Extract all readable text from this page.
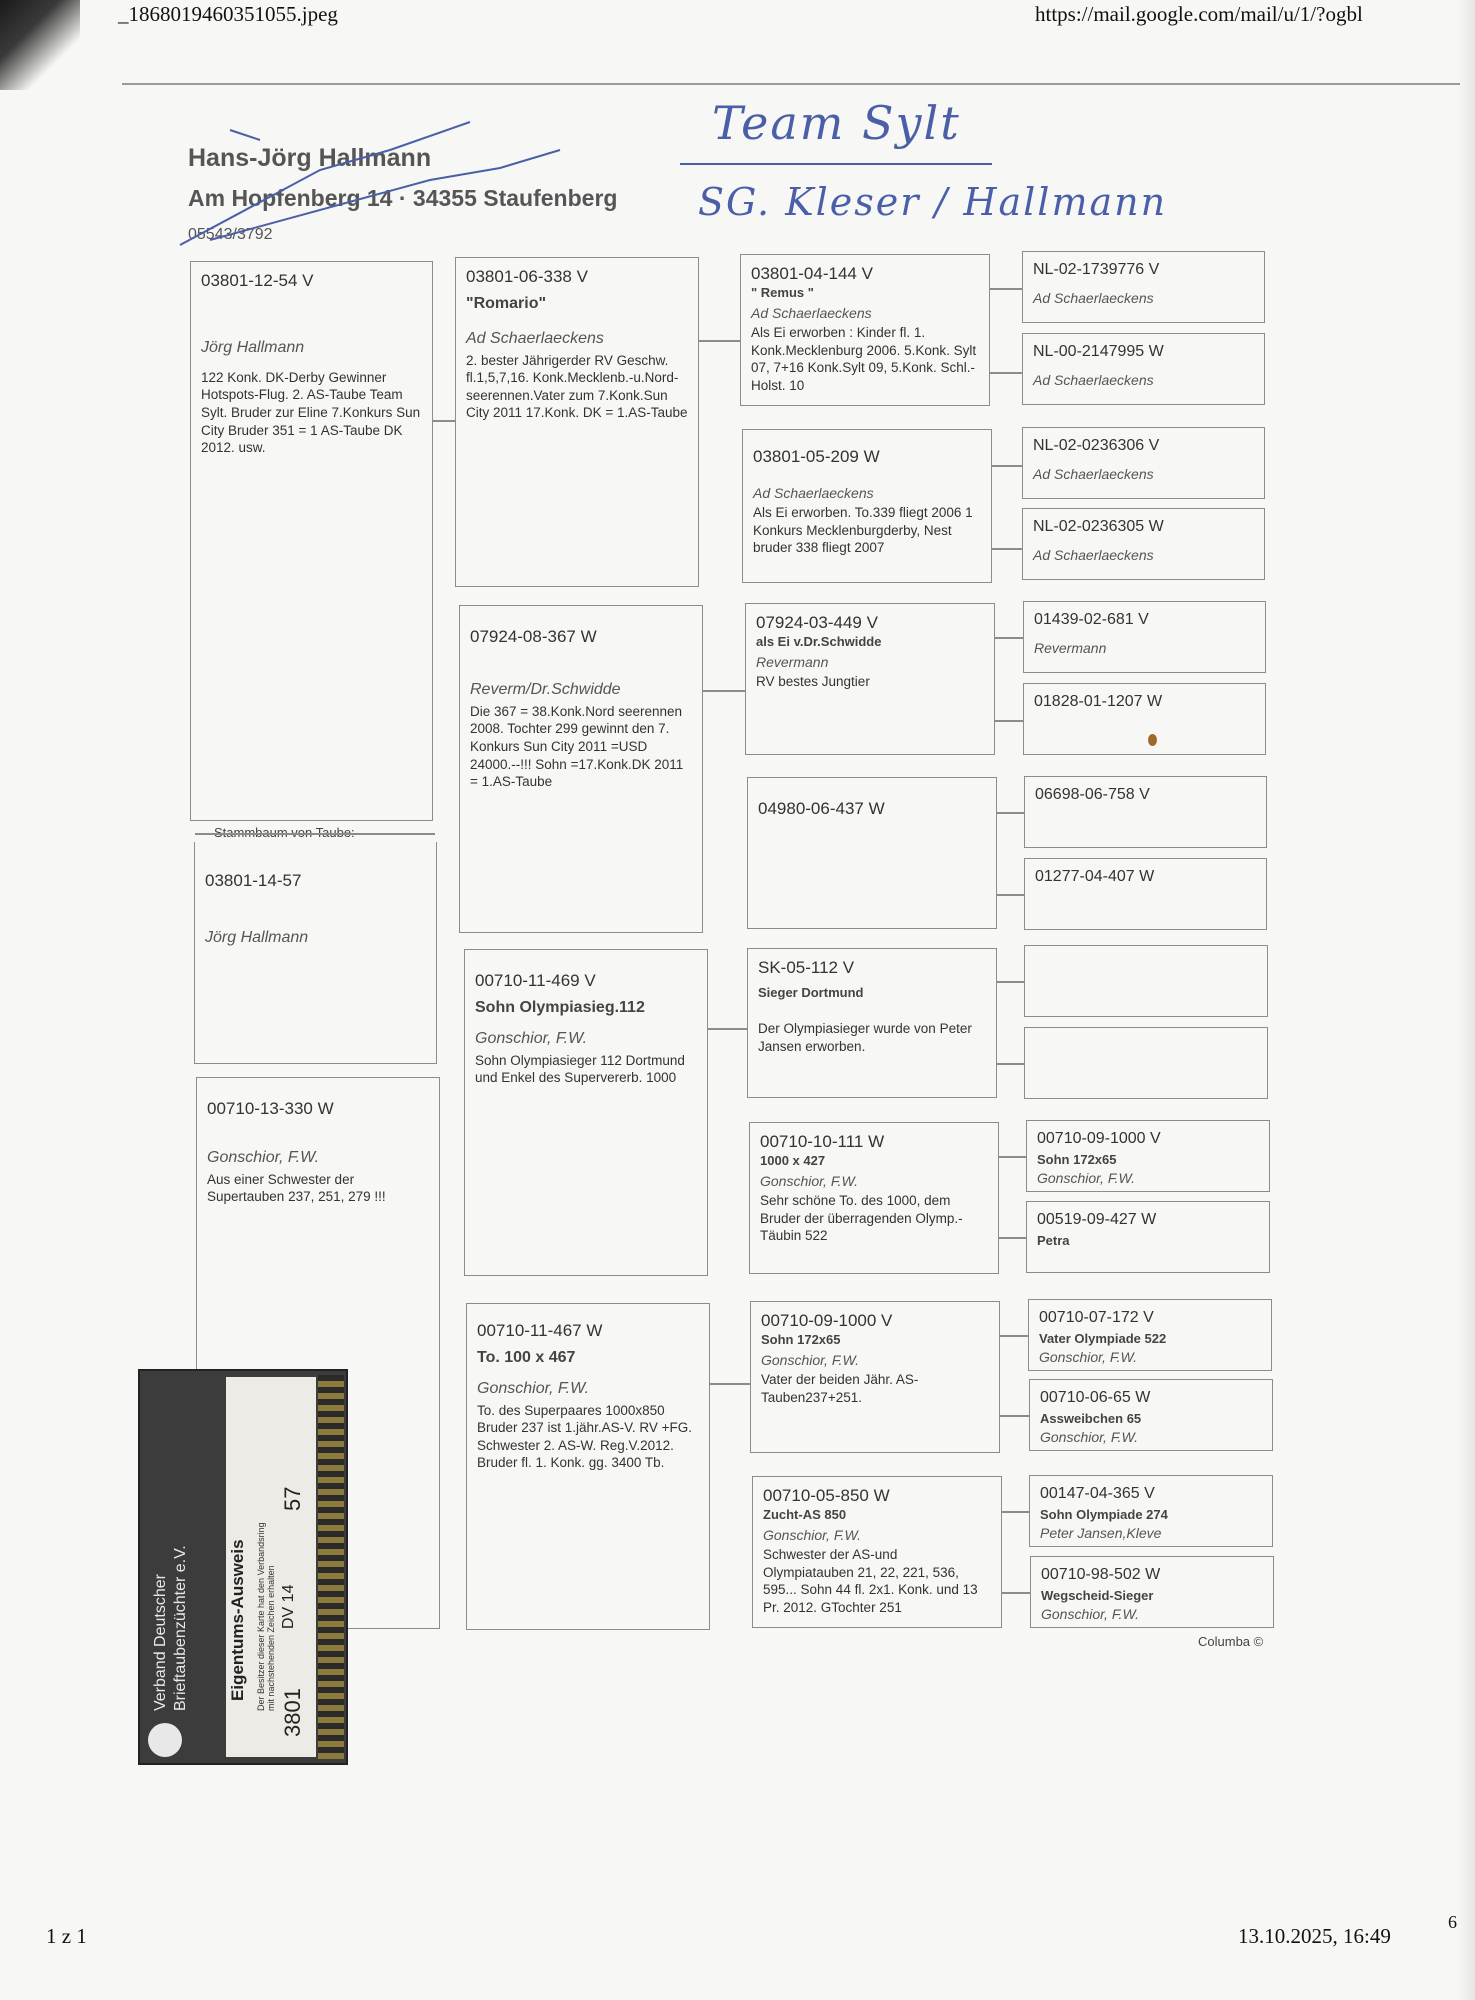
_1868019460351055.jpeg	https://mail.google.com/mail/u/1/?ogbl
1 z 1	13.10.2025, 16:49
6
Hans-Jörg Hallmann
Am Hopfenberg 14 · 34355 Staufenberg
05543/3792
Team Sylt
SG. Kleser / Hallmann
03801-12-54 V
Jörg Hallmann
122 Konk. DK-Derby Gewinner Hotspots-Flug. 2. AS-Taube Team Sylt. Bruder zur Eline 7.Konkurs Sun City Bruder 351 = 1 AS-Taube DK 2012. usw.
03801-14-57
Jörg Hallmann
00710-13-330 W
Gonschior, F.W.
Aus einer Schwester der Supertauben 237, 251, 279 !!!
03801-06-338 V
"Romario"
Ad Schaerlaeckens
2. bester Jährigerder RV Geschw. fl.1,5,7,16. Konk.Mecklenb.-u.Nord-seerennen.Vater zum 7.Konk.Sun City 2011 17.Konk. DK = 1.AS-Taube
07924-08-367 W
Reverm/Dr.Schwidde
Die 367 = 38.Konk.Nord seerennen 2008. Tochter 299 gewinnt den 7. Konkurs Sun City 2011 =USD 24000.--!!! Sohn =17.Konk.DK 2011 = 1.AS-Taube
00710-11-469 V
Sohn Olympiasieg.112
Gonschior, F.W.
Sohn Olympiasieger 112 Dortmund und Enkel des Supervererb. 1000
00710-11-467 W
To. 100 x 467
Gonschior, F.W.
To. des Superpaares 1000x850 Bruder 237 ist 1.jähr.AS-V. RV +FG. Schwester 2. AS-W. Reg.V.2012. Bruder fl. 1. Konk. gg. 3400 Tb.
03801-04-144 V
" Remus "
Ad Schaerlaeckens
Als Ei erworben : Kinder fl. 1. Konk.Mecklenburg 2006. 5.Konk. Sylt 07, 7+16 Konk.Sylt 09, 5.Konk. Schl.-Holst. 10
03801-05-209 W
Ad Schaerlaeckens
Als Ei erworben. To.339 fliegt 2006 1 Konkurs Mecklenburgderby, Nest bruder 338 fliegt 2007
07924-03-449 V
als Ei v.Dr.Schwidde
Revermann
RV bestes Jungtier
04980-06-437 W
SK-05-112 V
Sieger Dortmund
Der Olympiasieger wurde von Peter Jansen erworben.
00710-10-111 W
1000 x 427
Gonschior, F.W.
Sehr schöne To. des 1000, dem Bruder der überragenden Olymp.- Täubin 522
00710-09-1000 V
Sohn 172x65
Gonschior, F.W.
Vater der beiden Jähr. AS-Tauben237+251.
00710-05-850 W
Zucht-AS 850
Gonschior, F.W.
Schwester der AS-und Olympiatauben 21, 22, 221, 536, 595... Sohn 44 fl. 2x1. Konk. und 13 Pr. 2012. GTochter 251
NL-02-1739776 V
Ad Schaerlaeckens
NL-00-2147995 W
Ad Schaerlaeckens
NL-02-0236306 V
Ad Schaerlaeckens
NL-02-0236305 W
Ad Schaerlaeckens
01439-02-681 V
Revermann
01828-01-1207 W
06698-06-758 V
01277-04-407 W
00710-09-1000 V
Sohn 172x65
Gonschior, F.W.
00519-09-427 W
Petra
00710-07-172 V
Vater Olympiade 522
Gonschior, F.W.
00710-06-65 W
Assweibchen 65
Gonschior, F.W.
00147-04-365 V
Sohn Olympiade 274
Peter Jansen,Kleve
00710-98-502 W
Wegscheid-Sieger
Gonschior, F.W.
Columba ©
Verband Deutscher Brieftaubenzüchter e.V. Eigentums-Ausweis Der Besitzer dieser Karte hat den Verbandsring mit nachstehenden Zeichen erhalten
3801
DV 14
57
